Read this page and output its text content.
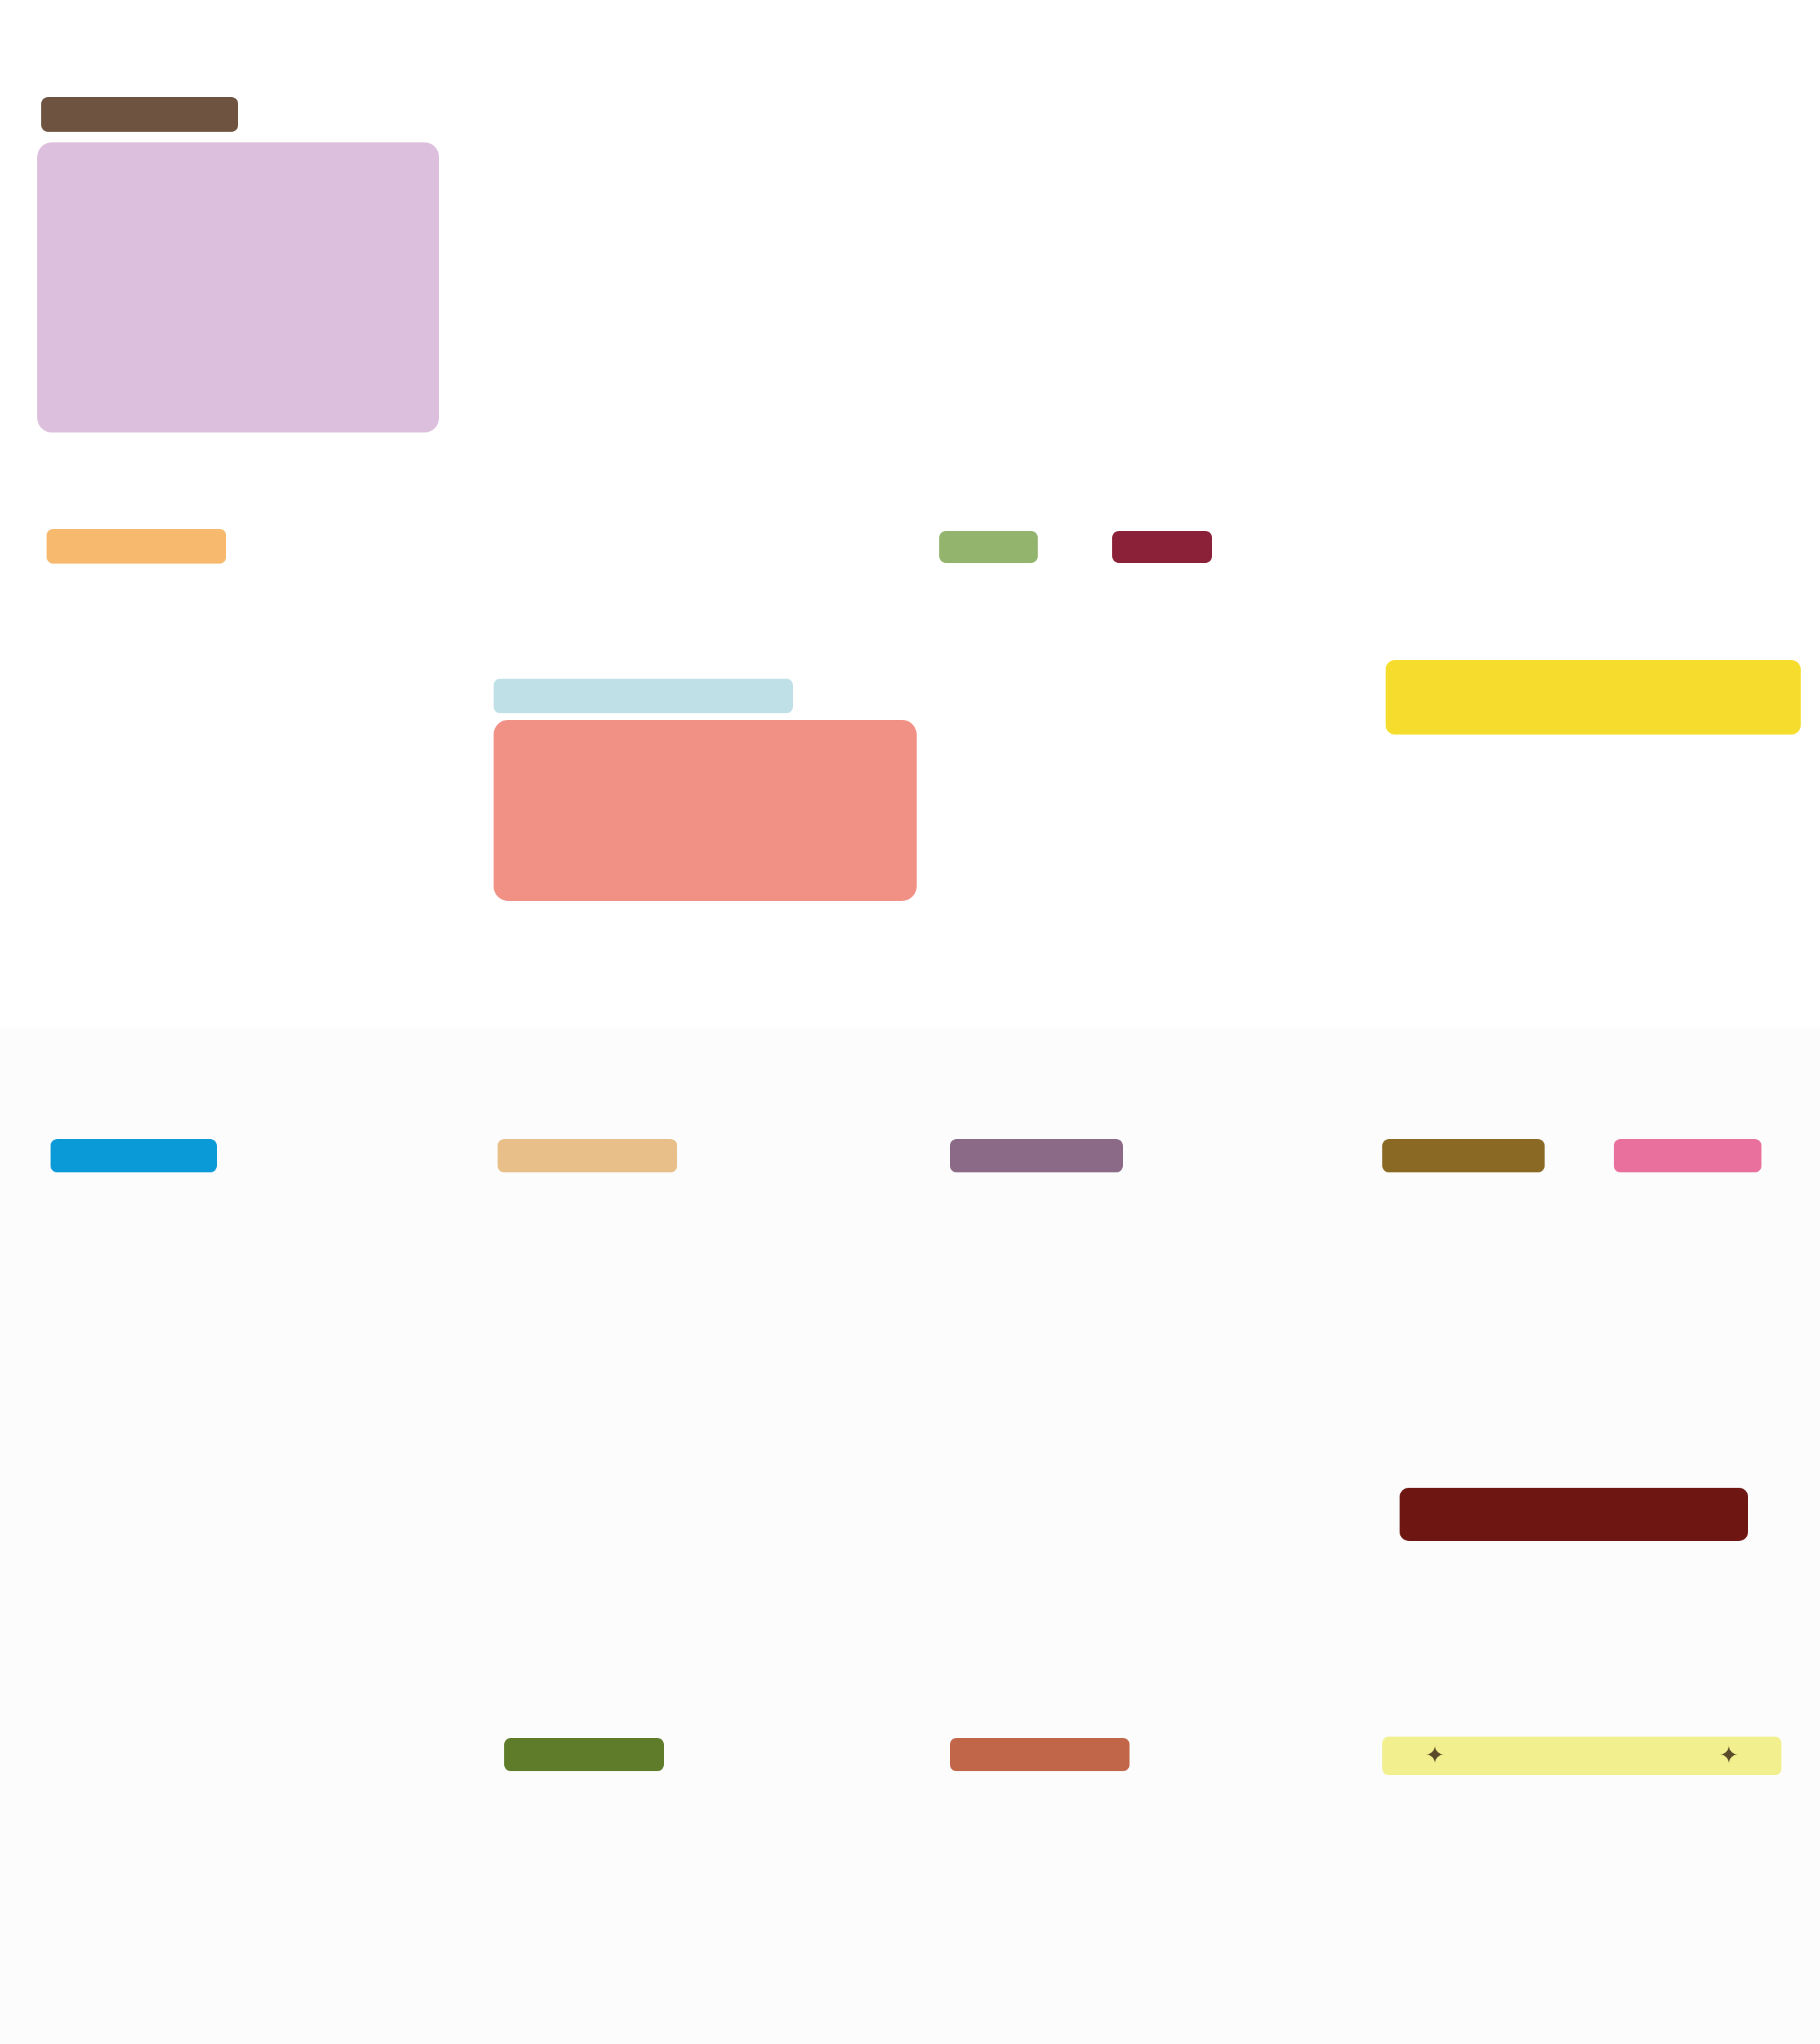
✦	✦
